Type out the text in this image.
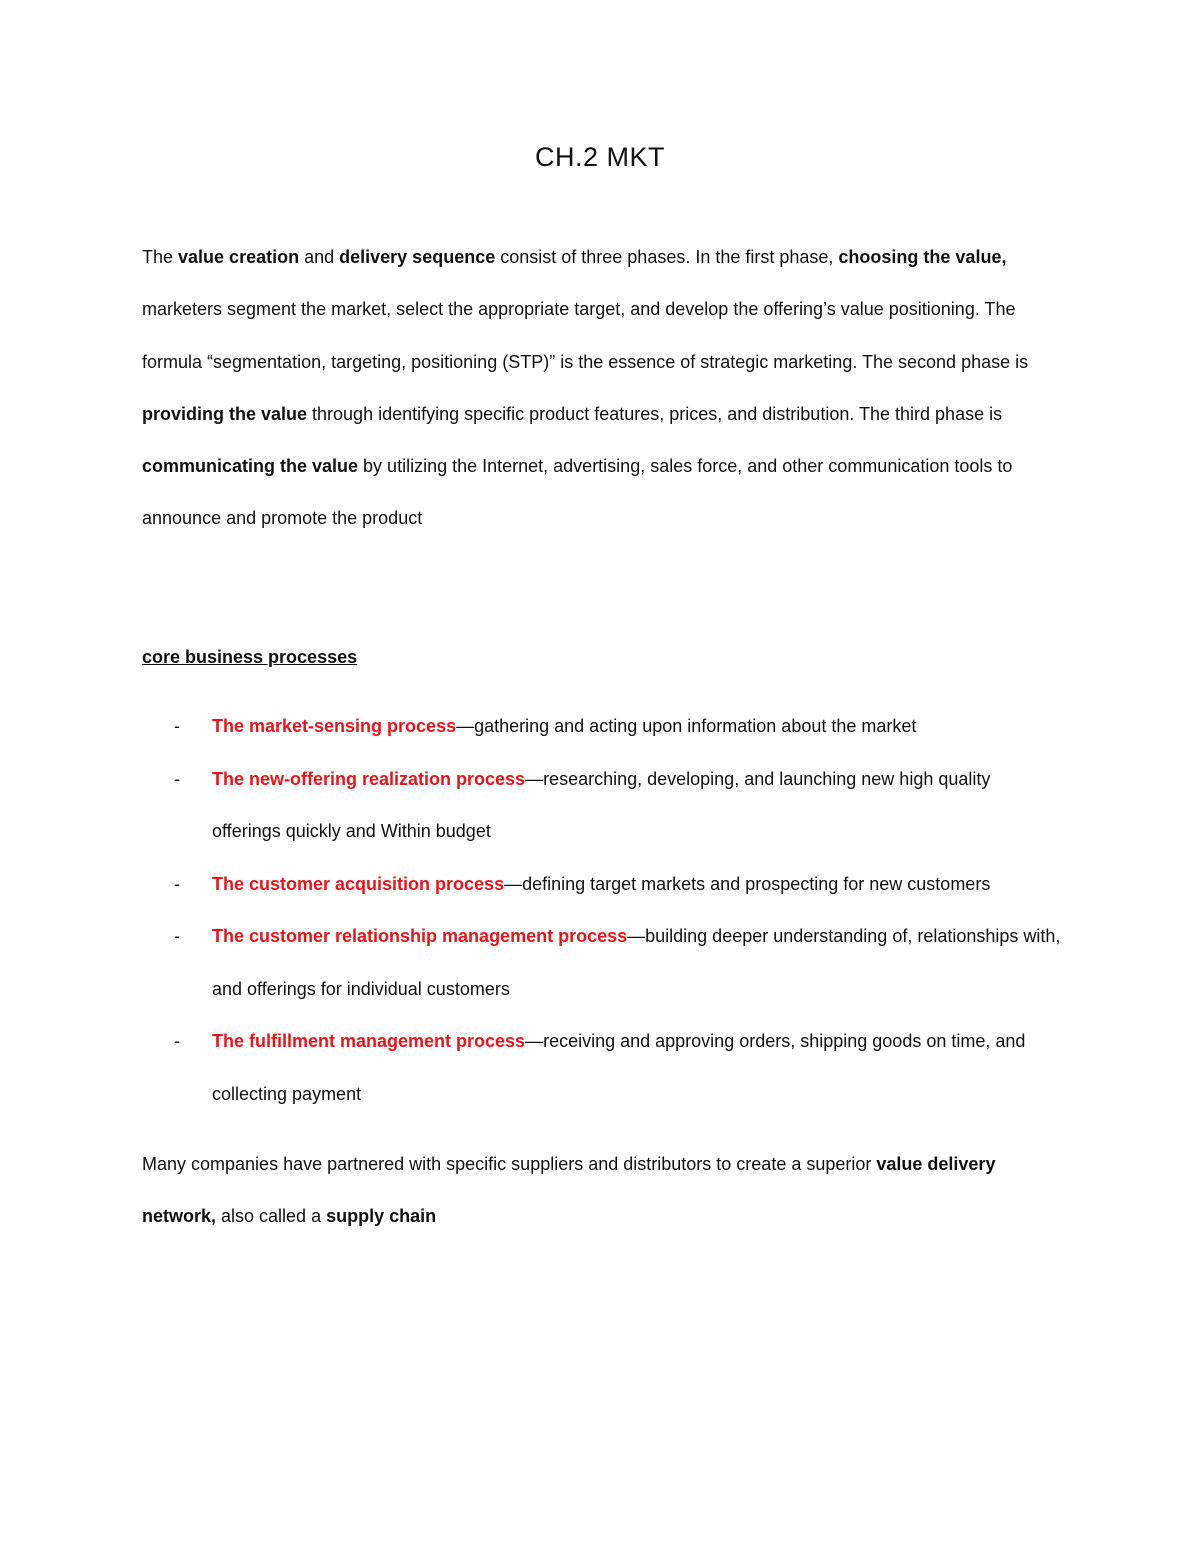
CH.2 MKT

The value creation and delivery sequence consist of three phases. In the first phase, choosing the value, marketers segment the market, select the appropriate target, and develop the offering’s value positioning. The formula “segmentation, targeting, positioning (STP)” is the essence of strategic marketing. The second phase is providing the value through identifying specific product features, prices, and distribution. The third phase is communicating the value by utilizing the Internet, advertising, sales force, and other communication tools to announce and promote the product

core business processes

- The market-sensing process—gathering and acting upon information about the market
- The new-offering realization process—researching, developing, and launching new high quality offerings quickly and Within budget
- The customer acquisition process—defining target markets and prospecting for new customers
- The customer relationship management process—building deeper understanding of, relationships with, and offerings for individual customers
- The fulfillment management process—receiving and approving orders, shipping goods on time, and collecting payment

Many companies have partnered with specific suppliers and distributors to create a superior value delivery network, also called a supply chain
